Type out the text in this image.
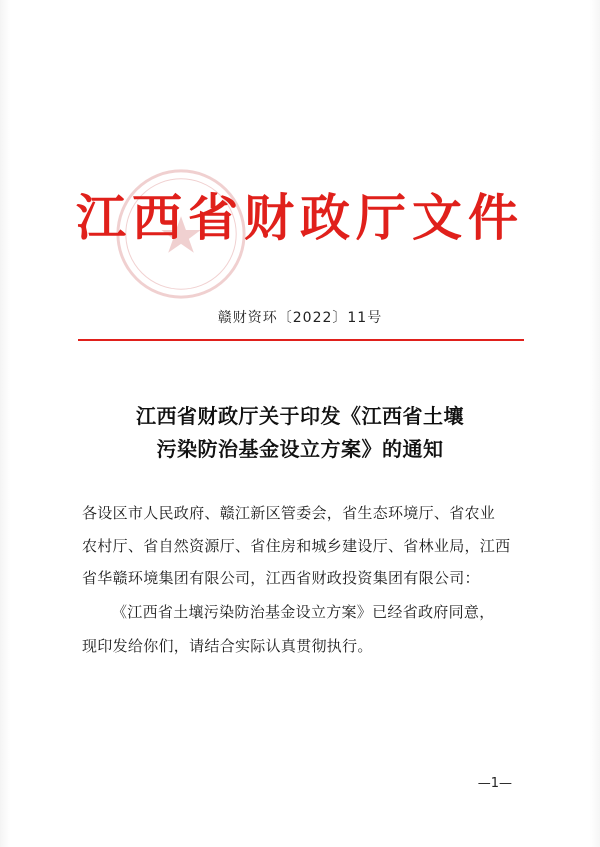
江西省财政厅文件
赣财资环〔2022〕11号
江西省财政厅关于印发《江西省土壤
污染防治基金设立方案》的通知
各设区市人民政府、赣江新区管委会，省生态环境厅、省农业
农村厅、省自然资源厅、省住房和城乡建设厅、省林业局，江西
省华赣环境集团有限公司，江西省财政投资集团有限公司：
《江西省土壤污染防治基金设立方案》已经省政府同意，
现印发给你们，请结合实际认真贯彻执行。
—1—
